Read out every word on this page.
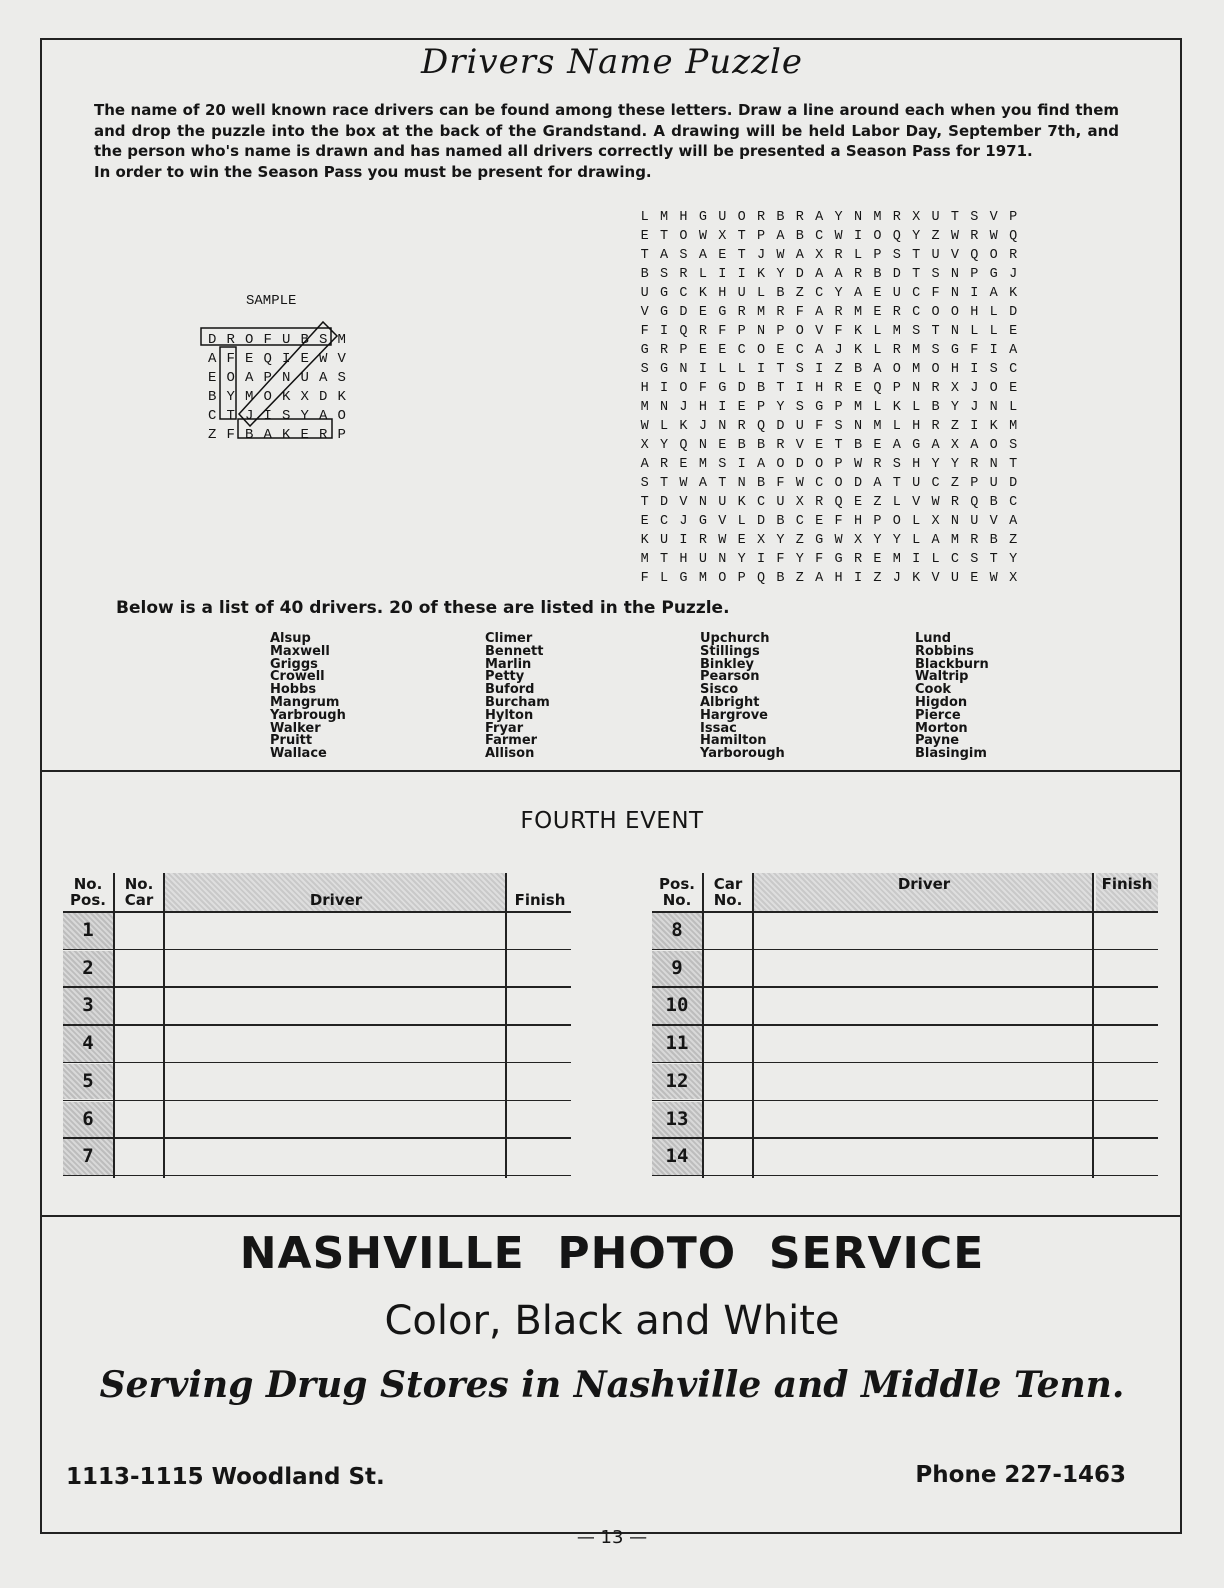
Drivers Name Puzzle

The name of 20 well known race drivers can be found among these letters. Draw a line around each when you find them and drop the puzzle into the box at the back of the Grandstand. A drawing will be held Labor Day, September 7th, and the person who's name is drawn and has named all drivers correctly will be presented a Season Pass for 1971.

In order to win the Season Pass you must be present for drawing.

SAMPLE
D R O F U B S M
A F E Q I E W V
E O A P N U A S
B Y M O K X D K
C T J I S Y A O
Z F B A K E R P
L M H G U O R B R A Y N M R X U T S V P
E T O W X T P A B C W I O Q Y Z W R W Q
T A S A E T J W A X R L P S T U V Q O R
B S R L I I K Y D A A R B D T S N P G J
U G C K H U L B Z C Y A E U C F N I A K
V G D E G R M R F A R M E R C O O H L D
F I Q R F P N P O V F K L M S T N L L E
G R P E E C O E C A J K L R M S G F I A
S G N I L L I T S I Z B A O M O H I S C
H I O F G D B T I H R E Q P N R X J O E
M N J H I E P Y S G P M L K L B Y J N L
W L K J N R Q D U F S N M L H R Z I K M
X Y Q N E B B R V E T B E A G A X A O S
A R E M S I A O D O P W R S H Y Y R N T
S T W A T N B F W C O D A T U C Z P U D
T D V N U K C U X R Q E Z L V W R Q B C
E C J G V L D B C E F H P O L X N U V A
K U I R W E X Y Z G W X Y Y L A M R B Z
M T H U N Y I F Y F G R E M I L C S T Y
F L G M O P Q B Z A H I Z J K V U E W X
Below is a list of 40 drivers. 20 of these are listed in the Puzzle.
Alsup
Maxwell
Griggs
Crowell
Hobbs
Mangrum
Yarbrough
Walker
Pruitt
Wallace
Climer
Bennett
Marlin
Petty
Buford
Burcham
Hylton
Fryar
Farmer
Allison
Upchurch
Stillings
Binkley
Pearson
Sisco
Albright
Hargrove
Issac
Hamilton
Yarborough
Lund
Robbins
Blackburn
Waltrip
Cook
Higdon
Pierce
Morton
Payne
Blasingim
FOURTH EVENT
No. Pos.
No. Car	Driver	Finish
1
2
3
4
5
6
7
Pos. No.
Car No.
Driver	Finish
8
9
10
11
12
13
14
NASHVILLE  PHOTO  SERVICE
Color, Black and White
Serving Drug Stores in Nashville and Middle Tenn.
1113-1115 Woodland St.	Phone 227-1463
— 13 —
